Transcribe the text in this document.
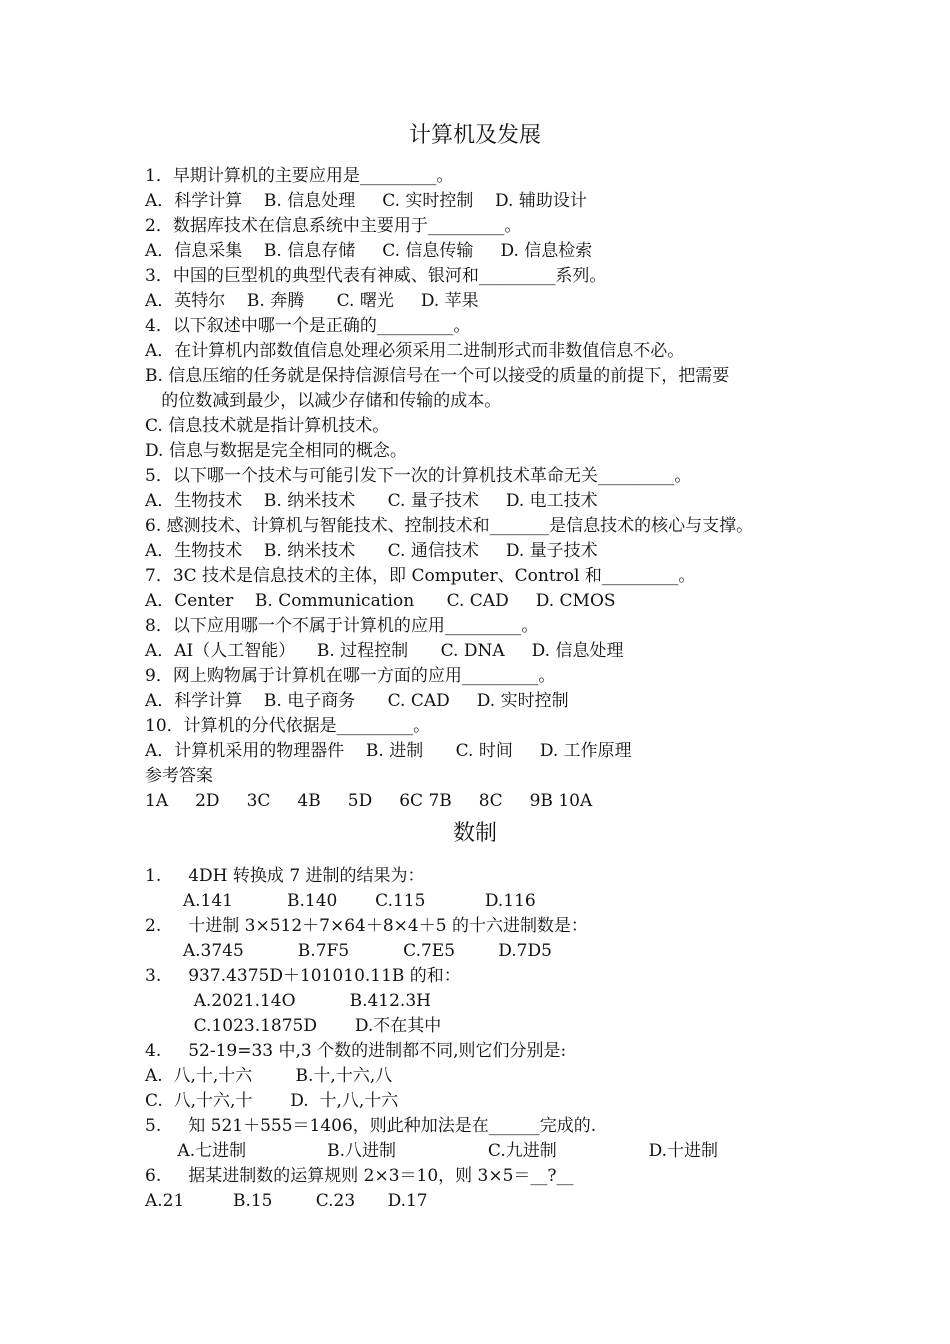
计算机及发展
1．早期计算机的主要应用是_________。
A．科学计算    B. 信息处理     C. 实时控制    D. 辅助设计
2．数据库技术在信息系统中主要用于_________。
A．信息采集    B. 信息存储     C. 信息传输     D. 信息检索
3．中国的巨型机的典型代表有神威、银河和_________系列。
A．英特尔    B. 奔腾      C. 曙光     D. 苹果
4．以下叙述中哪一个是正确的_________。
A．在计算机内部数值信息处理必须采用二进制形式而非数值信息不必。
B. 信息压缩的任务就是保持信源信号在一个可以接受的质量的前提下，把需要
的位数减到最少，以减少存储和传输的成本。
C. 信息技术就是指计算机技术。
D. 信息与数据是完全相同的概念。
5．以下哪一个技术与可能引发下一次的计算机技术革命无关_________。
A．生物技术    B. 纳米技术      C. 量子技术     D. 电工技术
6. 感测技术、计算机与智能技术、控制技术和_______是信息技术的核心与支撑。
A．生物技术    B. 纳米技术      C. 通信技术     D. 量子技术
7．3C 技术是信息技术的主体，即 Computer、Control 和_________。
A．Center    B. Communication      C. CAD     D. CMOS
8．以下应用哪一个不属于计算机的应用_________。
A．AI（人工智能）    B. 过程控制      C. DNA     D. 信息处理
9．网上购物属于计算机在哪一方面的应用_________。
A．科学计算    B. 电子商务      C. CAD     D. 实时控制
10．计算机的分代依据是_________。
A．计算机采用的物理器件    B. 进制      C. 时间     D. 工作原理
参考答案
1A     2D     3C     4B     5D     6C 7B     8C     9B 10A
数制
1.     4DH 转换成 7 进制的结果为：
A.141          B.140       C.115           D.116
2.     十进制 3×512＋7×64＋8×4＋5 的十六进制数是：
A.3745          B.7F5          C.7E5        D.7D5
3.     937.4375D＋101010.11B 的和：
A.2021.14O          B.412.3H
C.1023.1875D       D.不在其中
4.     52-19=33 中,3 个数的进制都不同,则它们分别是:
A.  八,十,十六        B.十,十六,八
C.  八,十六,十       D.  十,八,十六
5.     知 521＋555＝1406，则此种加法是在______完成的.
A.七进制               B.八进制                 C.九进制                 D.十进制
6.     据某进制数的运算规则 2×3＝10，则 3×5＝__?__
A.21         B.15        C.23      D.17
